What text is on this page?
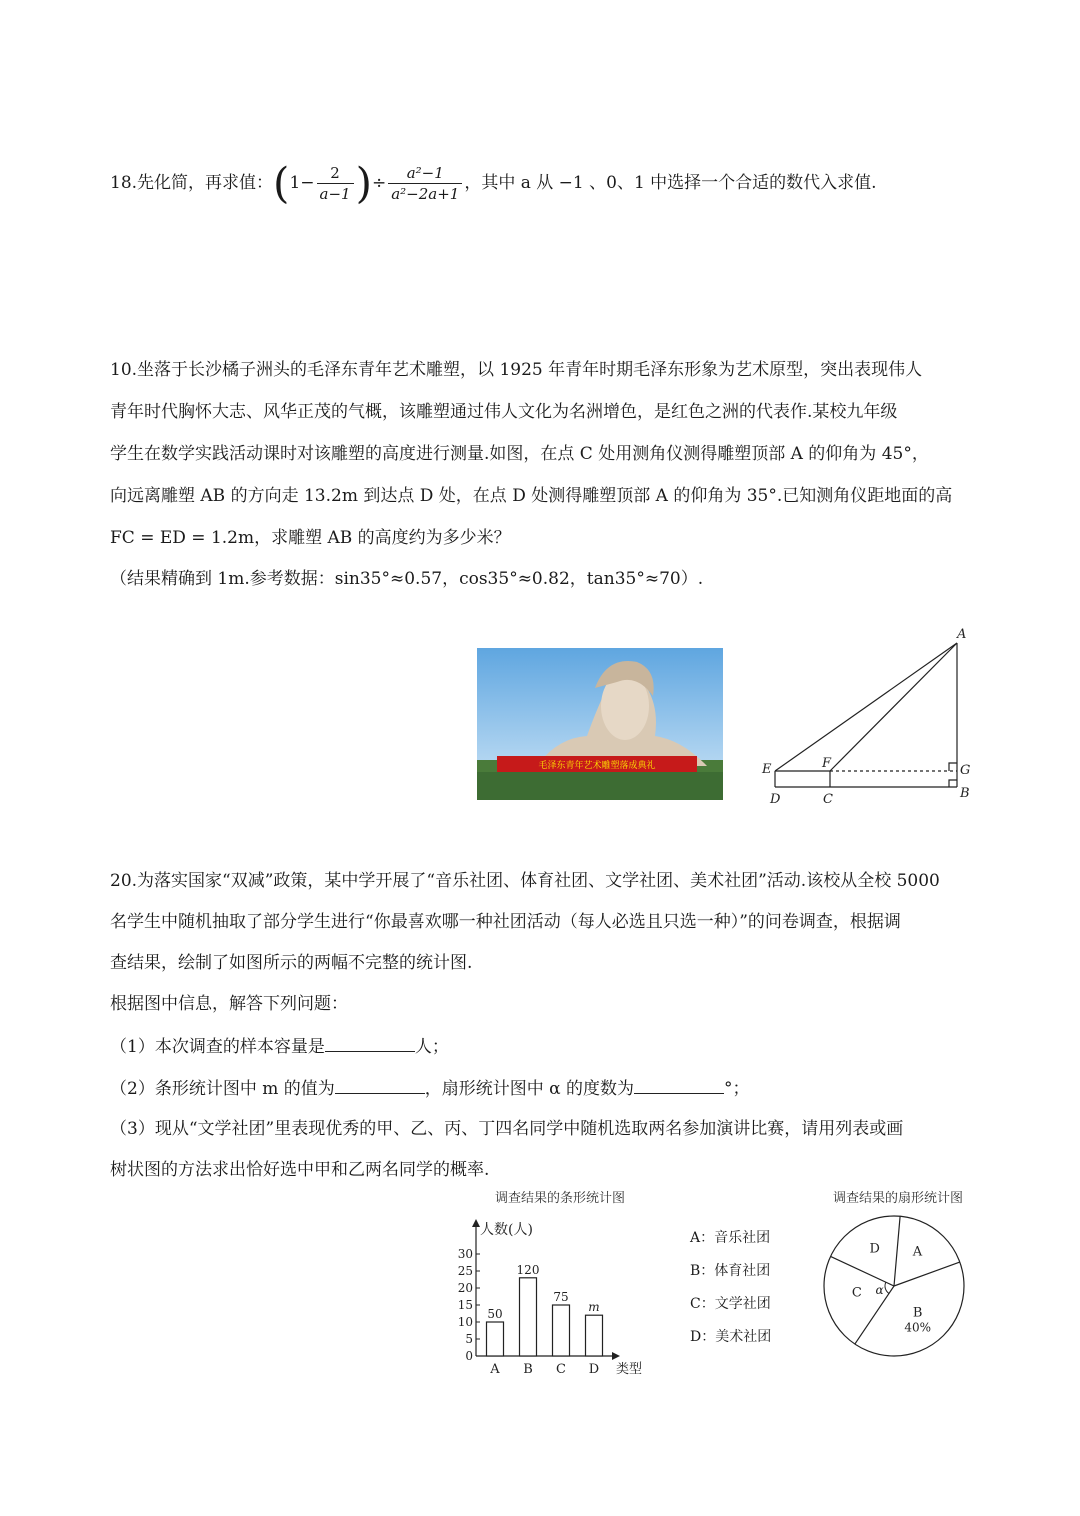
18.先化简，再求值：($1- \frac{2}{a-1}$ )÷ $\frac{\text{a²−1}}{\text{a²−2a+1}}$ ，其中 a 从 −1 、0、1 中选择一个合适的数代入求值.
10.坐落于长沙橘子洲头的毛泽东青年艺术雕塑，以 1925 年青年时期毛泽东形象为艺术原型，突出表现伟人
青年时代胸怀大志、风华正茂的气概，该雕塑通过伟人文化为名洲增色，是红色之洲的代表作.某校九年级
学生在数学实践活动课时对该雕塑的高度进行测量.如图，在点 C 处用测角仪测得雕塑顶部 A 的仰角为 45°，
向远离雕塑 AB 的方向走 13.2m 到达点 D 处，在点 D 处测得雕塑顶部 A 的仰角为 35°.已知测角仪距地面的高
FC = ED = 1.2m，求雕塑 AB 的高度约为多少米？
（结果精确到 1m.参考数据：sin35°≈0.57，cos35°≈0.82，tan35°≈70）.
毛泽东青年艺术雕塑落成典礼
A
B
C
D
E	F	G
20.为落实国家“双减”政策，某中学开展了“音乐社团、体育社团、文学社团、美术社团”活动.该校从全校 5000
名学生中随机抽取了部分学生进行“你最喜欢哪一种社团活动（每人必选且只选一种）”的问卷调查，根据调
查结果，绘制了如图所示的两幅不完整的统计图.
根据图中信息，解答下列问题：
（1）本次调查的样本容量是	人；
（2）条形统计图中 m 的值为	，扇形统计图中 α 的度数为	°；
（3）现从“文学社团”里表现优秀的甲、乙、丙、丁四名同学中随机选取两名参加演讲比赛，请用列表或画
树状图的方法求出恰好选中甲和乙两名同学的概率.
调查结果的条形统计图
人数(人)
类型
0
5
10
15
20
25
30
50
A
120
B
75
C
m
D
A：音乐社团
B：体育社团
C：文学社团
D：美术社团
调查结果的扇形统计图
A
B
40%
C
D
α
